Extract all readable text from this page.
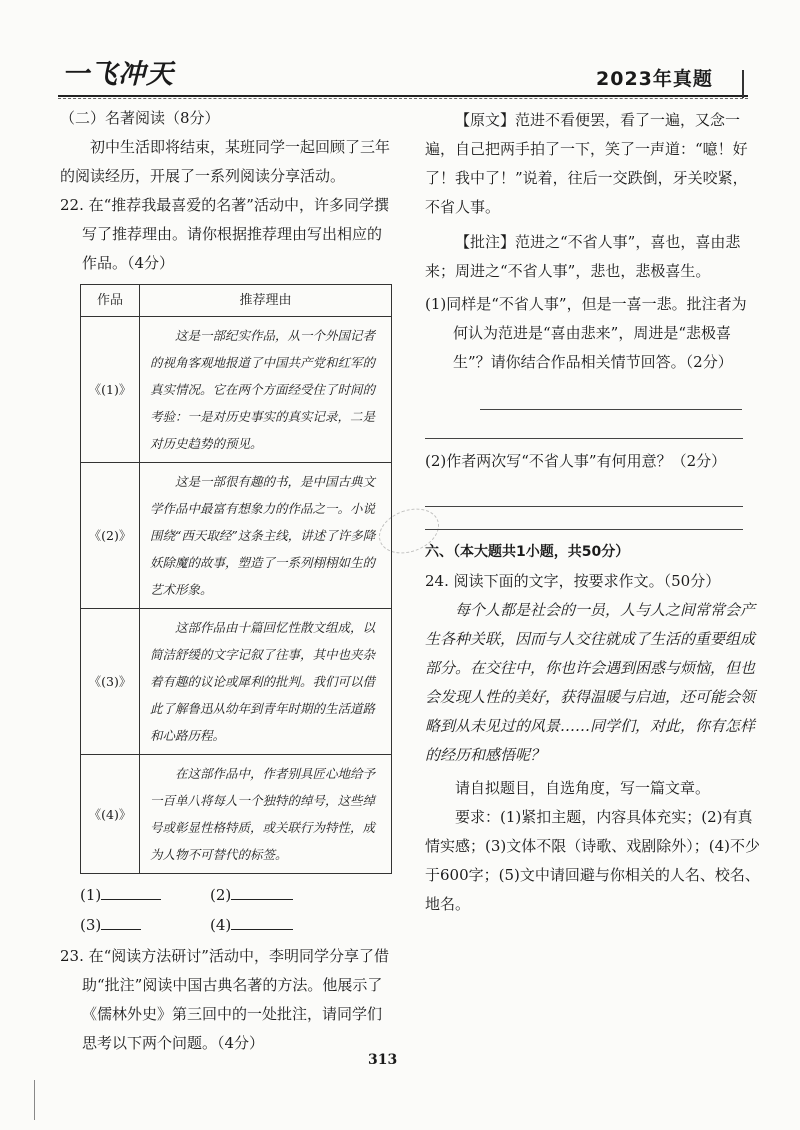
一飞冲天	2023年真题

（二）名著阅读（8分）

初中生活即将结束，某班同学一起回顾了三年的阅读经历，开展了一系列阅读分享活动。

22. 在“推荐我最喜爱的名著”活动中，许多同学撰写了推荐理由。请你根据推荐理由写出相应的作品。（4分）

作品	推荐理由
《(1)》	这是一部纪实作品，从一个外国记者的视角客观地报道了中国共产党和红军的真实情况。它在两个方面经受住了时间的考验：一是对历史事实的真实记录，二是对历史趋势的预见。
《(2)》	这是一部很有趣的书，是中国古典文学作品中最富有想象力的作品之一。小说围绕“西天取经”这条主线，讲述了许多降妖除魔的故事，塑造了一系列栩栩如生的艺术形象。
《(3)》	这部作品由十篇回忆性散文组成，以简洁舒缓的文字记叙了往事，其中也夹杂着有趣的议论或犀利的批判。我们可以借此了解鲁迅从幼年到青年时期的生活道路和心路历程。
《(4)》	在这部作品中，作者别具匠心地给予一百单八将每人一个独特的绰号，这些绰号或彰显性格特质，或关联行为特性，成为人物不可替代的标签。
(1)	(2)
(3)	(4)

23. 在“阅读方法研讨”活动中，李明同学分享了借助“批注”阅读中国古典名著的方法。他展示了《儒林外史》第三回中的一处批注，请同学们思考以下两个问题。（4分）

【原文】范进不看便罢，看了一遍，又念一遍，自己把两手拍了一下，笑了一声道：“噫！好了！我中了！”说着，往后一交跌倒，牙关咬紧，不省人事。

【批注】范进之“不省人事”，喜也，喜由悲来；周进之“不省人事”，悲也，悲极喜生。

(1)同样是“不省人事”，但是一喜一悲。批注者为何认为范进是“喜由悲来”，周进是“悲极喜生”？请你结合作品相关情节回答。（2分）

(2)作者两次写“不省人事”有何用意？（2分）

六、（本大题共1小题，共50分）

24. 阅读下面的文字，按要求作文。（50分）

每个人都是社会的一员，人与人之间常常会产生各种关联，因而与人交往就成了生活的重要组成部分。在交往中，你也许会遇到困惑与烦恼，但也会发现人性的美好，获得温暖与启迪，还可能会领略到从未见过的风景……同学们，对此，你有怎样的经历和感悟呢？

请自拟题目，自选角度，写一篇文章。

要求：(1)紧扣主题，内容具体充实；(2)有真情实感；(3)文体不限（诗歌、戏剧除外）；(4)不少于600字；(5)文中请回避与你相关的人名、校名、地名。

313
